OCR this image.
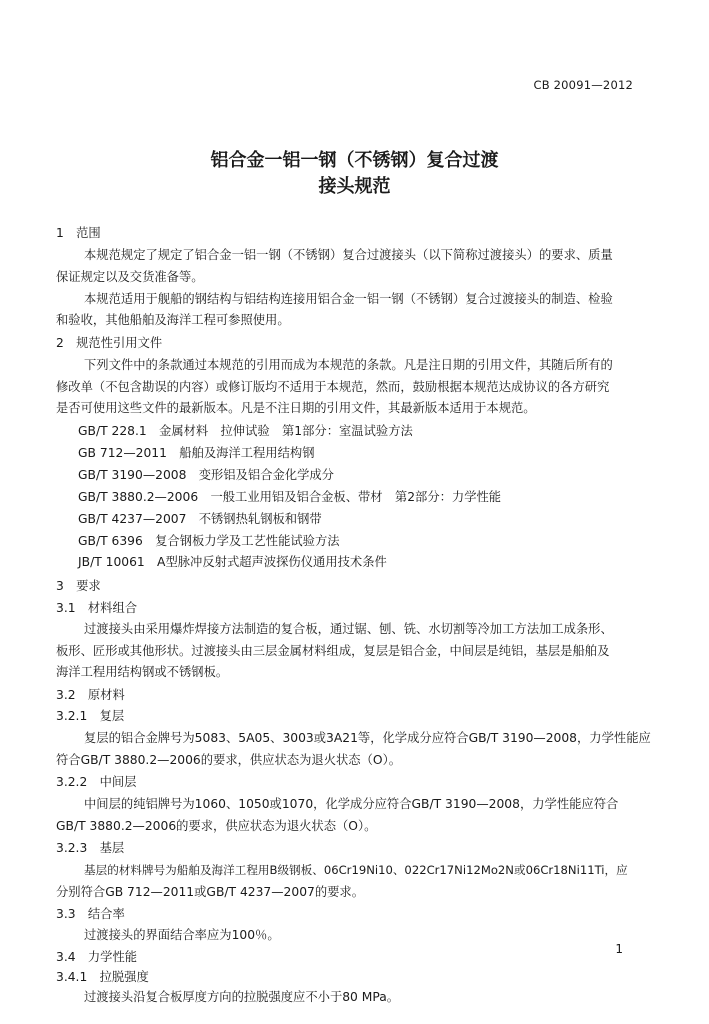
CB 20091—2012
铝合金一铝一钢（不锈钢）复合过渡
接头规范
1　范围
本规范规定了规定了铝合金一铝一钢（不锈钢）复合过渡接头（以下简称过渡接头）的要求、质量
保证规定以及交货准备等。
本规范适用于舰船的钢结构与铝结构连接用铝合金一铝一钢（不锈钢）复合过渡接头的制造、检验
和验收，其他船舶及海洋工程可参照使用。
2　规范性引用文件
下列文件中的条款通过本规范的引用而成为本规范的条款。凡是注日期的引用文件，其随后所有的
修改单（不包含勘误的内容）或修订版均不适用于本规范，然而，鼓励根据本规范达成协议的各方研究
是否可使用这些文件的最新版本。凡是不注日期的引用文件，其最新版本适用于本规范。
GB/T 228.1　金属材料　拉伸试验　第1部分：室温试验方法
GB 712—2011　船舶及海洋工程用结构钢
GB/T 3190—2008　变形铝及铝合金化学成分
GB/T 3880.2—2006　一般工业用铝及铝合金板、带材　第2部分：力学性能
GB/T 4237—2007　不锈钢热轧钢板和钢带
GB/T 6396　复合钢板力学及工艺性能试验方法
JB/T 10061　A型脉冲反射式超声波探伤仪通用技术条件
3　要求
3.1　材料组合
过渡接头由采用爆炸焊接方法制造的复合板，通过锯、刨、铣、水切割等冷加工方法加工成条形、
板形、匠形或其他形状。过渡接头由三层金属材料组成，复层是铝合金，中间层是纯铝，基层是船舶及
海洋工程用结构钢或不锈钢板。
3.2　原材料
3.2.1　复层
复层的铝合金牌号为5083、5A05、3003或3A21等，化学成分应符合GB/T 3190—2008，力学性能应
符合GB/T 3880.2—2006的要求，供应状态为退火状态（O）。
3.2.2　中间层
中间层的纯铝牌号为1060、1050或1070，化学成分应符合GB/T 3190—2008，力学性能应符合
GB/T 3880.2—2006的要求，供应状态为退火状态（O）。
3.2.3　基层
基层的材料牌号为船舶及海洋工程用B级钢板、06Cr19Ni10、022Cr17Ni12Mo2N或06Cr18Ni11Ti，应
分别符合GB 712—2011或GB/T 4237—2007的要求。
3.3　结合率
过渡接头的界面结合率应为100％。
3.4　力学性能
3.4.1　拉脱强度
过渡接头沿复合板厚度方向的拉脱强度应不小于80 MPa。
1
